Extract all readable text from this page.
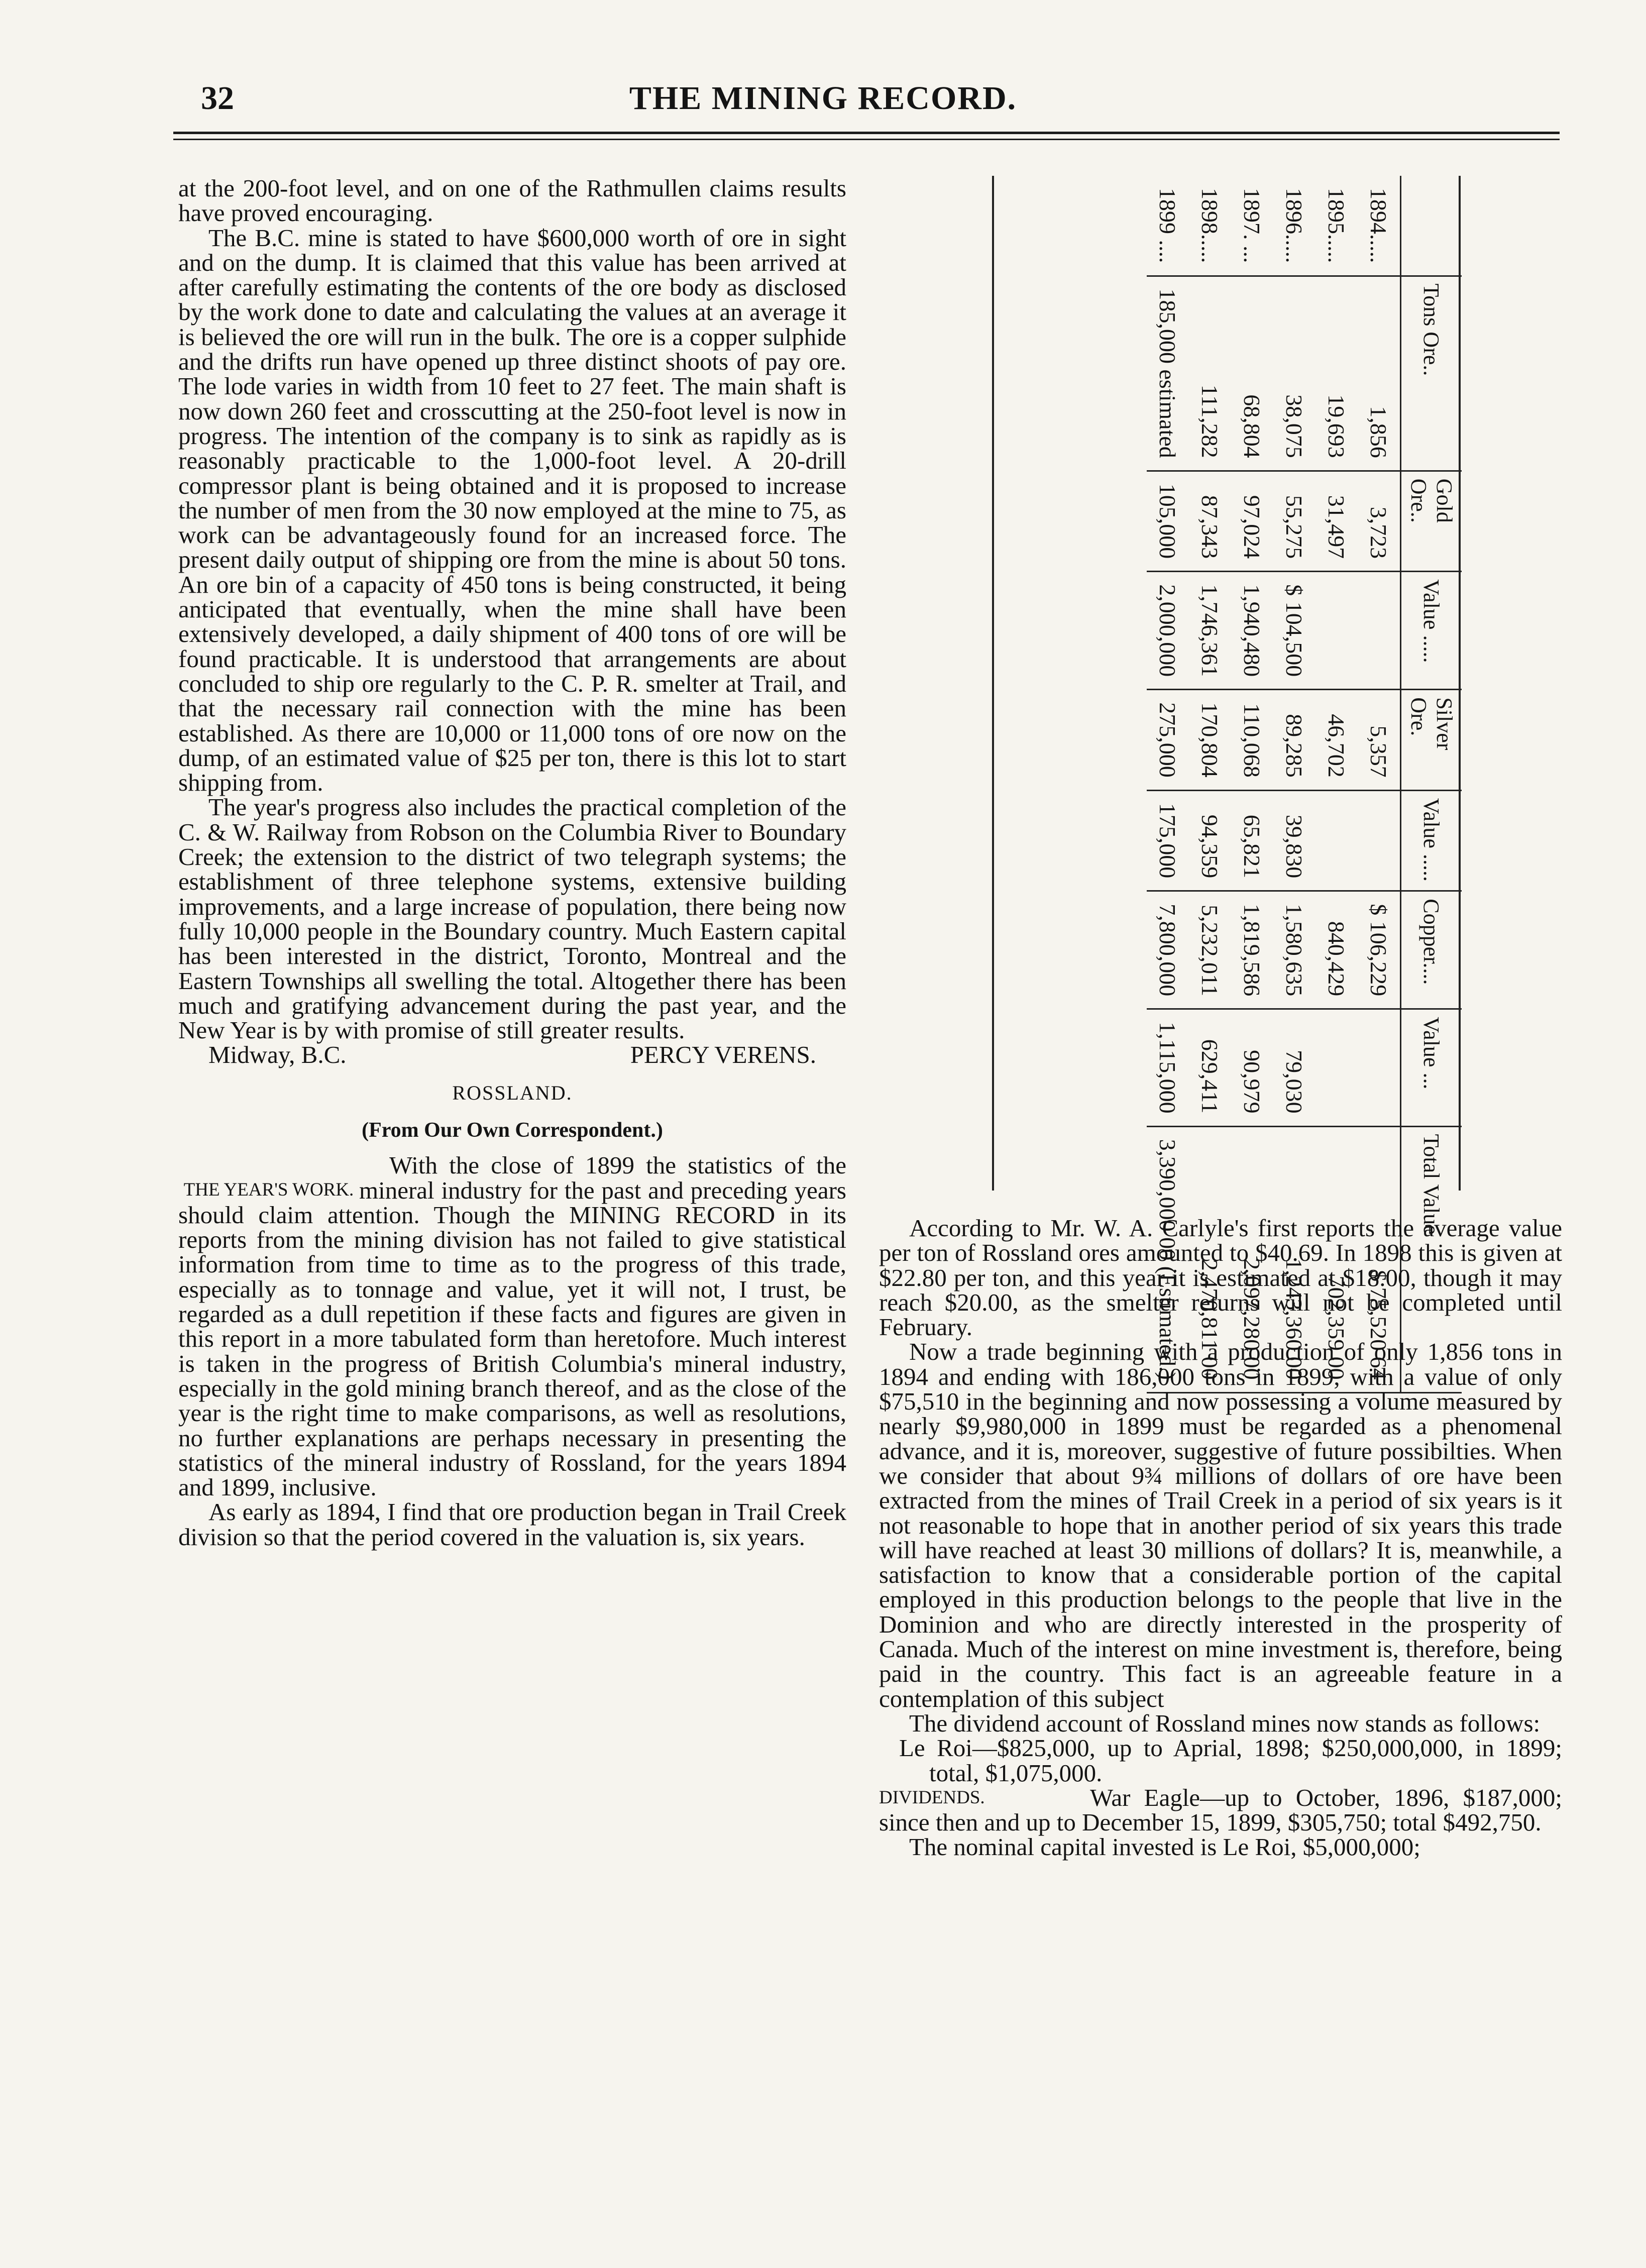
32	THE MINING RECORD.

at the 200-foot level, and on one of the Rathmullen claims results have proved encouraging.

The B.C. mine is stated to have $600,000 worth of ore in sight and on the dump. It is claimed that this value has been arrived at after carefully estimating the contents of the ore body as disclosed by the work done to date and calculating the values at an average it is believed the ore will run in the bulk. The ore is a copper sulphide and the drifts run have opened up three distinct shoots of pay ore. The lode varies in width from 10 feet to 27 feet. The main shaft is now down 260 feet and crosscutting at the 250-foot level is now in progress. The intention of the company is to sink as rapidly as is reasonably practicable to the 1,000-foot level. A 20-drill compressor plant is being obtained and it is proposed to increase the number of men from the 30 now employed at the mine to 75, as work can be advantageously found for an increased force. The present daily output of shipping ore from the mine is about 50 tons. An ore bin of a capacity of 450 tons is being constructed, it being anticipated that eventually, when the mine shall have been extensively developed, a daily shipment of 400 tons of ore will be found practicable. It is understood that arrangements are about concluded to ship ore regularly to the C. P. R. smelter at Trail, and that the necessary rail connection with the mine has been established. As there are 10,000 or 11,000 tons of ore now on the dump, of an estimated value of $25 per ton, there is this lot to start shipping from.

The year's progress also includes the practical completion of the C. & W. Railway from Robson on the Columbia River to Boundary Creek; the extension to the district of two telegraph systems; the establishment of three telephone systems, extensive building improvements, and a large increase of population, there being now fully 10,000 people in the Boundary country. Much Eastern capital has been interested in the district, Toronto, Montreal and the Eastern Townships all swelling the total. Altogether there has been much and gratifying advancement during the past year, and the New Year is by with promise of still greater results.

Midway, B.C.	PERCY VERENS.

ROSSLAND.

(From Our Own Correspondent.)

THE YEAR'S WORK.
With the close of 1899 the statistics of the mineral industry for the past and preceding years should claim attention. Though the MINING RECORD in its reports from the mining division has not failed to give statistical information from time to time as to the progress of this trade, especially as to tonnage and value, yet it will not, I trust, be regarded as a dull repetition if these facts and figures are given in this report in a more tabulated form than heretofore. Much interest is taken in the progress of British Columbia's mineral industry, especially in the gold mining branch thereof, and as the close of the year is the right time to make comparisons, as well as resolutions, no further explanations are perhaps necessary in presenting the statistics of the mineral industry of Rossland, for the years 1894 and 1899, inclusive.

As early as 1894, I find that ore production began in Trail Creek division so that the period covered in the valuation is, six years.

	Tons Ore..	Gold Ore..	Value .....	Silver Ore.	Value .....	Copper....	Value ...	Total Value
1894.....	1,856	3,723		5,357		$ 106,229		$ 75,520 64
1895.....	19,693	31,497		46,702		840,429		702,359 00
1896.....	38,075	55,275	$ 104,500	89,285	39,830	1,580,635	79,030	1,243,360 00
1897. ...	68,804	97,024	1,940,480	110,068	65,821	1,819,586	90,979	2,097,280 00
1898.....	111,282	87,343	1,746,361	170,804	94,359	5,232,011	629,411	2,470,811 00
1899 ....	185,000 estimated	105,000	2,000,000	275,000	175,000	7,800,000	1,115,000	3,390,000 00 (Estimated.)

According to Mr. W. A. Carlyle's first reports the average value per ton of Rossland ores amounted to $40.69. In 1898 this is given at $22.80 per ton, and this year it is estimated at $18.00, though it may reach $20.00, as the smelter returns will not be completed until February.

Now a trade beginning with a production of only 1,856 tons in 1894 and ending with 186,000 tons in 1899, with a value of only $75,510 in the beginning and now possessing a volume measured by nearly $9,980,000 in 1899 must be regarded as a phenomenal advance, and it is, moreover, suggestive of future possibilties. When we consider that about 9¾ millions of dollars of ore have been extracted from the mines of Trail Creek in a period of six years is it not reasonable to hope that in another period of six years this trade will have reached at least 30 millions of dollars? It is, meanwhile, a satisfaction to know that a considerable portion of the capital employed in this production belongs to the people that live in the Dominion and who are directly interested in the prosperity of Canada. Much of the interest on mine investment is, therefore, being paid in the country. This fact is an agreeable feature in a contemplation of this subject

The dividend account of Rossland mines now stands as follows:

Le Roi—$825,000, up to Aprial, 1898; $250,000,000, in 1899; total, $1,075,000.

DIVIDENDS.	War Eagle—up to October, 1896, $187,000; since then and up to December 15, 1899, $305,750; total $492,750.

The nominal capital invested is Le Roi, $5,000,000;
